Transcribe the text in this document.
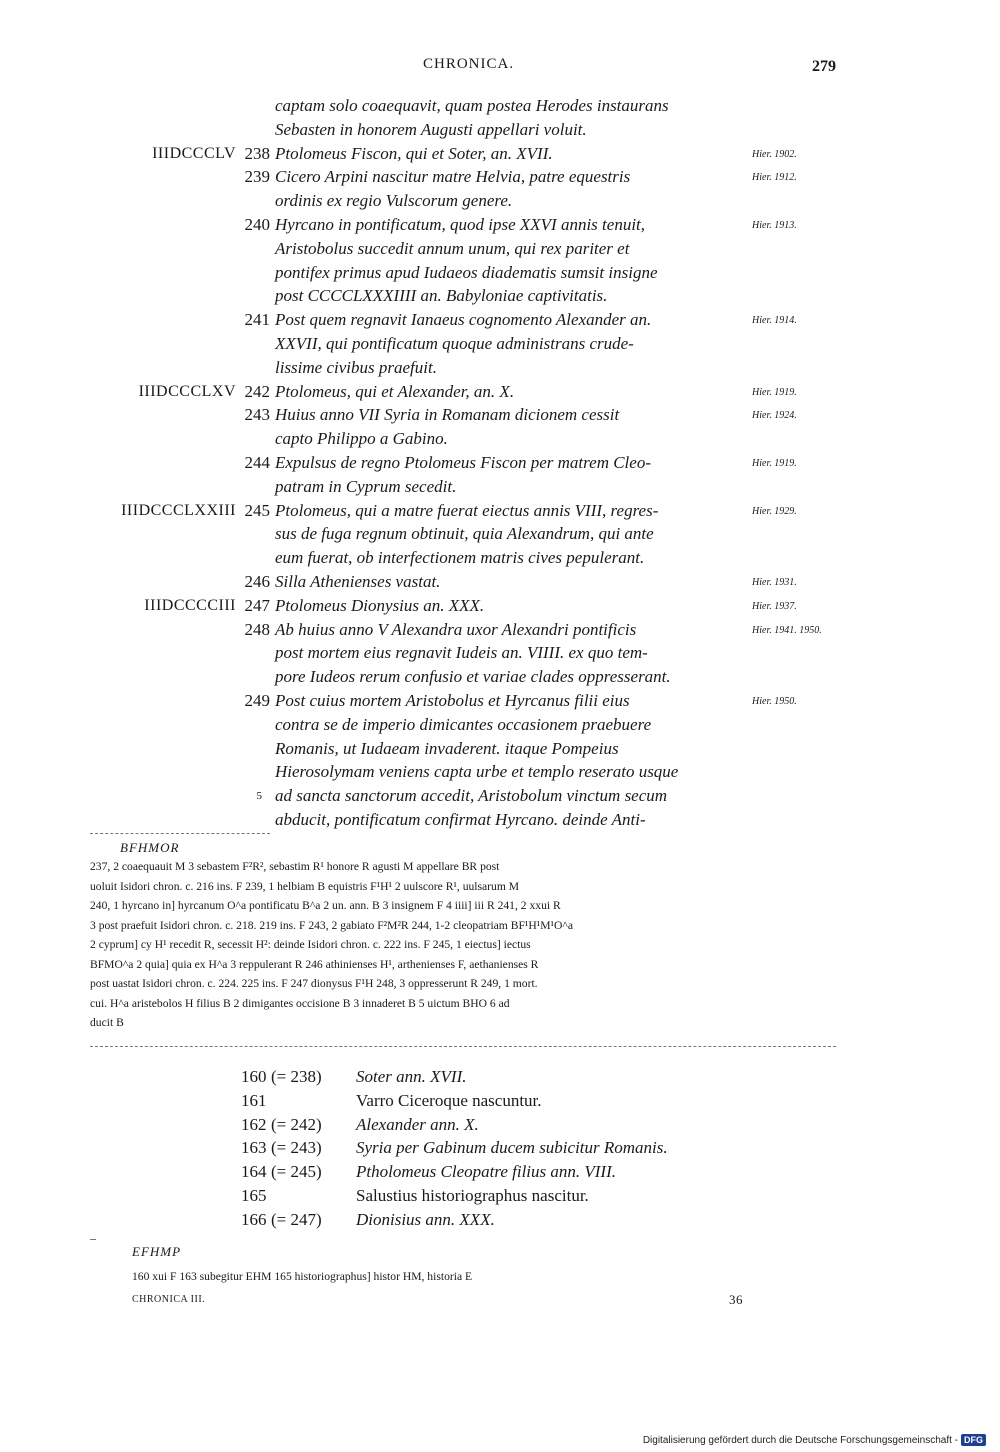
CHRONICA.	279
captam solo coaequavit, quam postea Herodes instaurans
Sebasten in honorem Augusti appellari voluit.
IIIDCCCLV 238 Ptolomeus Fiscon, qui et Soter, an. XVII.	Hier. 1902.
239 Cicero Arpini nascitur matre Helvia, patre equestris	Hier. 1912.
ordinis ex regio Vulscorum genere.
240 Hyrcano in pontificatum, quod ipse XXVI annis tenuit,	Hier. 1913.
Aristobolus succedit annum unum, qui rex pariter et
pontifex primus apud Iudaeos diadematis sumsit insigne
post CCCCLXXXIIII an. Babyloniae captivitatis.
241 Post quem regnavit Ianaeus cognomento Alexander an.	Hier. 1914.
XXVII, qui pontificatum quoque administrans crude-
lissime civibus praefuit.
IIIDCCCLXV 242 Ptolomeus, qui et Alexander, an. X.	Hier. 1919.
243 Huius anno VII Syria in Romanam dicionem cessit	Hier. 1924.
capto Philippo a Gabino.
244 Expulsus de regno Ptolomeus Fiscon per matrem Cleo-	Hier. 1919.
patram in Cyprum secedit.
IIIDCCCLXXIII 245 Ptolomeus, qui a matre fuerat eiectus annis VIII, regres-	Hier. 1929.
sus de fuga regnum obtinuit, quia Alexandrum, qui ante
eum fuerat, ob interfectionem matris cives pepulerant.
246 Silla Athenienses vastat.	Hier. 1931.
IIIDCCCCIII 247 Ptolomeus Dionysius an. XXX.	Hier. 1937.
248 Ab huius anno V Alexandra uxor Alexandri pontificis	Hier. 1941. 1950.
post mortem eius regnavit Iudeis an. VIIII. ex quo tem-
pore Iudeos rerum confusio et variae clades oppresserant.
249 Post cuius mortem Aristobolus et Hyrcanus filii eius	Hier. 1950.
contra se de imperio dimicantes occasionem praebuere
Romanis, ut Iudaeam invaderent. itaque Pompeius
Hierosolymam veniens capta urbe et templo reserato usque
5 ad sancta sanctorum accedit, Aristobolum vinctum secum
abducit, pontificatum confirmat Hyrcano. deinde Anti-
BFHMOR
237, 2 coaequauit M 3 sebastem F²R², sebastim R¹ honore R agusti M appellare BR post
uoluit Isidori chron. c. 216 ins. F 239, 1 helbiam B equistris F¹H¹ 2 uulscore R¹, uulsarum M
240, 1 hyrcano in] hyrcanum O^a pontificatu B^a 2 un. ann. B 3 insignem F 4 iiii] iii R 241, 2 xxui R
3 post praefuit Isidori chron. c. 218. 219 ins. F 243, 2 gabiato F²M²R 244, 1-2 cleopatriam BF¹H¹M¹O^a
2 cyprum] cy H¹ recedit R, secessit H²: deinde Isidori chron. c. 222 ins. F 245, 1 eiectus] iectus
BFMO^a 2 quia] quia ex H^a 3 reppulerant R 246 athinienses H¹, arthenienses F, aethanienses R
post uastat Isidori chron. c. 224. 225 ins. F 247 dionysus F¹H 248, 3 oppresserunt R 249, 1 mort.
cui. H^a aristebolos H filius B 2 dimigantes occisione B 3 innaderet B 5 uictum BHO 6 ad
ducit B
160 (= 238) Soter ann. XVII.
161	Varro Ciceroque nascuntur.
162 (= 242) Alexander ann. X.
163 (= 243) Syria per Gabinum ducem subicitur Romanis.
164 (= 245) Ptholomeus Cleopatre filius ann. VIII.
165	Salustius historiographus nascitur.
166 (= 247) Dionisius ann. XXX.
EFHMP
160 xui F 163 subegitur EHM 165 historiographus] histor HM, historia E
CHRONICA III.	36
Digitalisierung gefördert durch die Deutsche Forschungsgemeinschaft - DFG
